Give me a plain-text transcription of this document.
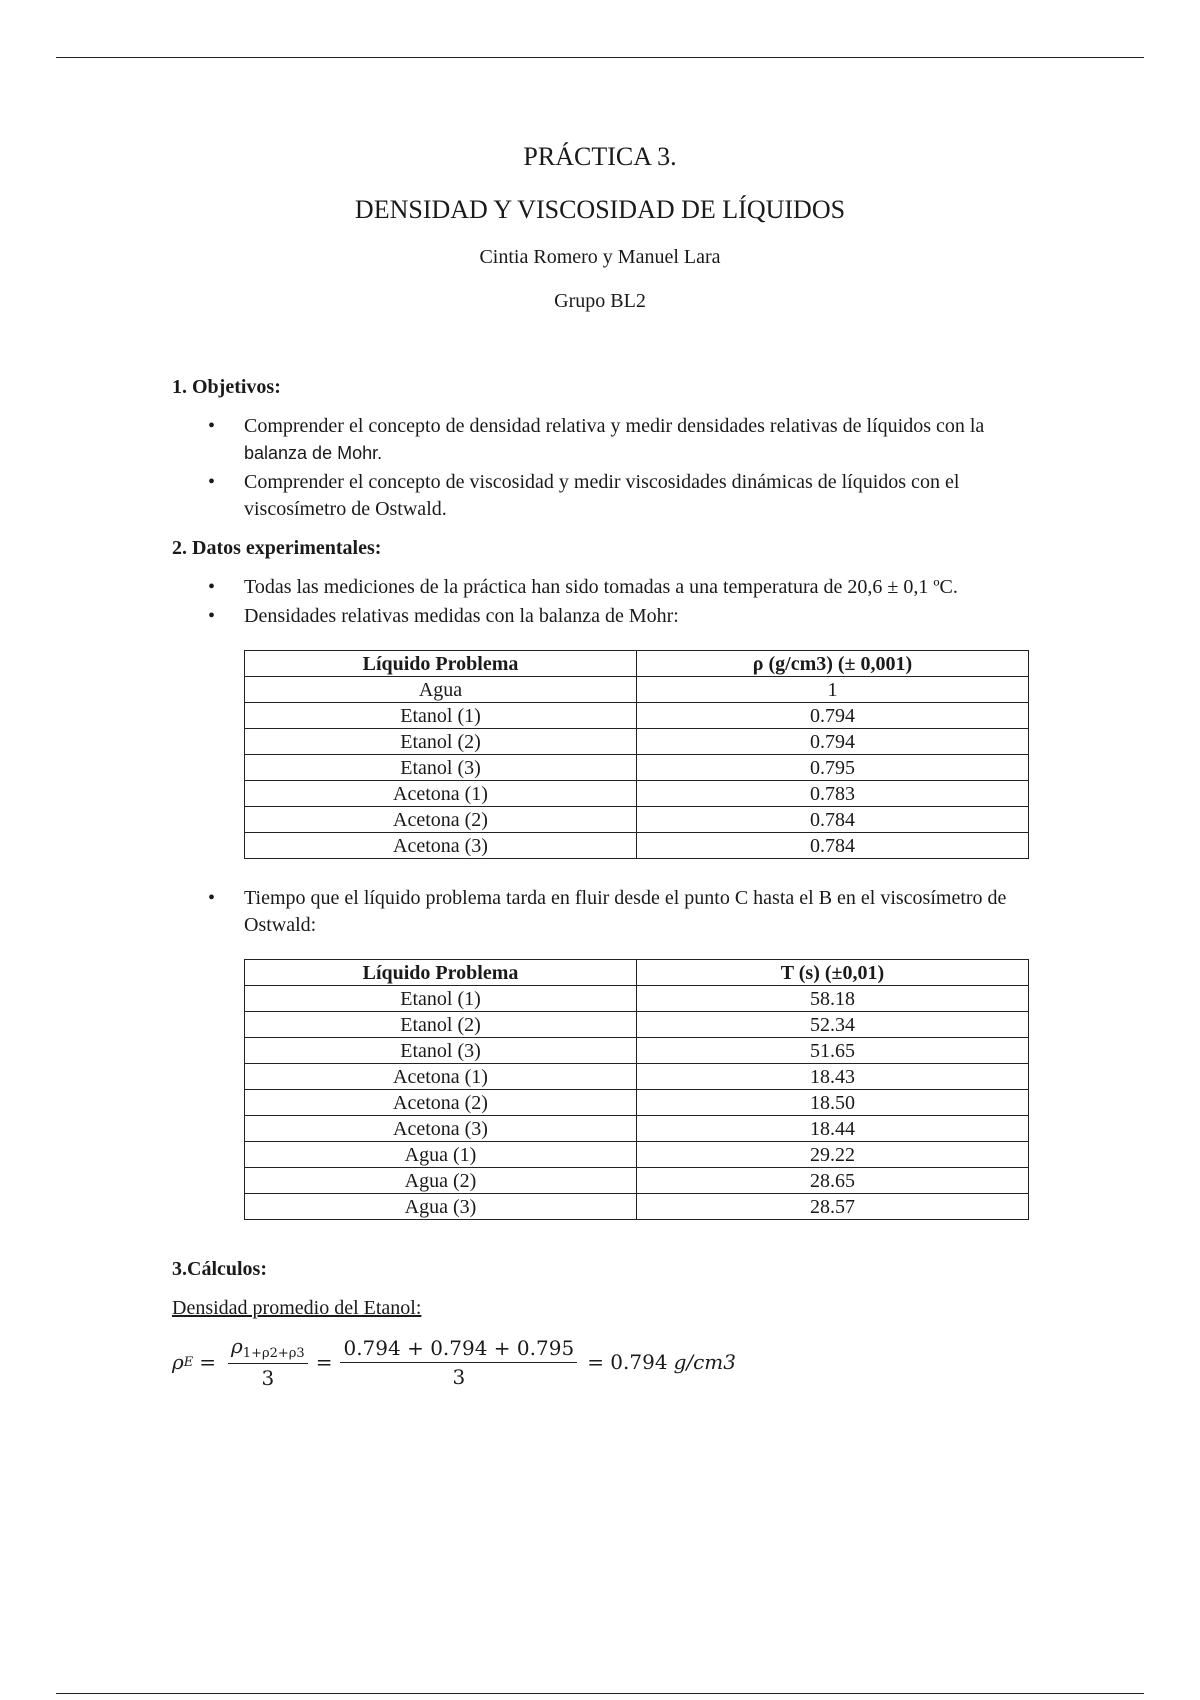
PRÁCTICA 3.
DENSIDAD Y VISCOSIDAD DE LÍQUIDOS
Cintia Romero y Manuel Lara
Grupo BL2

1. Objetivos:

• Comprender el concepto de densidad relativa y medir densidades relativas de líquidos con la balanza de Mohr.
• Comprender el concepto de viscosidad y medir viscosidades dinámicas de líquidos con el viscosímetro de Ostwald.

2. Datos experimentales:

• Todas las mediciones de la práctica han sido tomadas a una temperatura de 20,6 ± 0,1 ºC.
• Densidades relativas medidas con la balanza de Mohr:
Líquido Problema	ρ (g/cm3) (± 0,001)
Agua	1
Etanol (1)	0.794
Etanol (2)	0.794
Etanol (3)	0.795
Acetona (1)	0.783
Acetona (2)	0.784
Acetona (3)	0.784
• Tiempo que el líquido problema tarda en fluir desde el punto C hasta el B en el viscosímetro de Ostwald:
Líquido Problema	T (s) (±0,01)
Etanol (1)	58.18
Etanol (2)	52.34
Etanol (3)	51.65
Acetona (1)	18.43
Acetona (2)	18.50
Acetona (3)	18.44
Agua (1)	29.22
Agua (2)	28.65
Agua (3)	28.57

3.Cálculos:

Densidad promedio del Etanol:

ρ $E = \frac{\rho_{1+\rho 2+\rho 3}}{3} = \frac{0.794 + 0.794 + 0.795}{3} = 0.794$ g/cm3
